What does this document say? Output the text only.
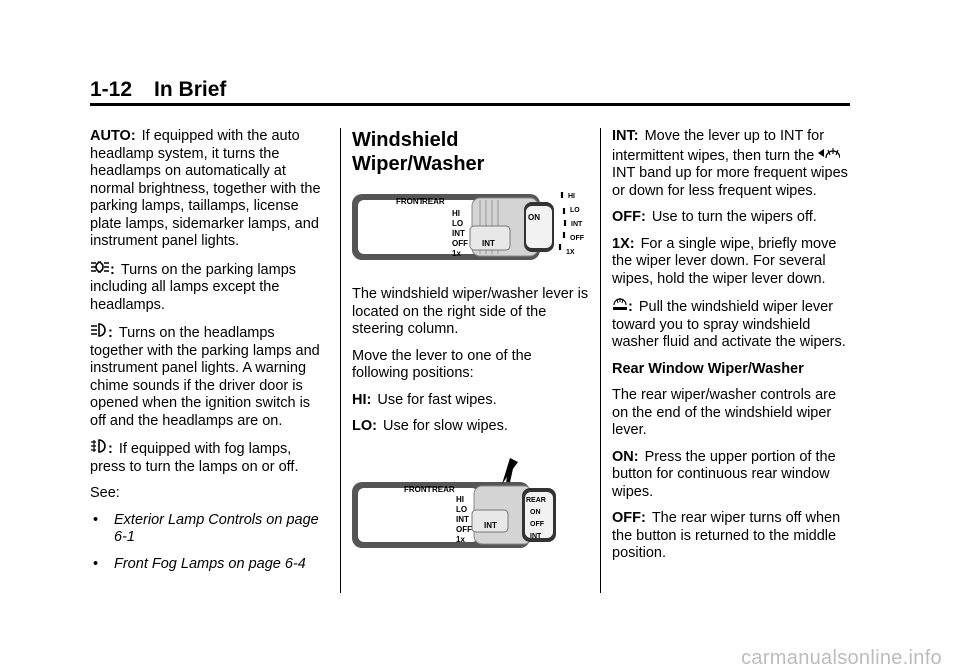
1-12 In Brief

AUTO: If equipped with the auto headlamp system, it turns the headlamps on automatically at normal brightness, together with the parking lamps, taillamps, license plate lamps, sidemarker lamps, and instrument panel lights.

: Turns on the parking lamps including all lamps except the headlamps.

: Turns on the headlamps together with the parking lamps and instrument panel lights. A warning chime sounds if the driver door is opened when the ignition switch is off and the headlamps are on.

: If equipped with fog lamps, press to turn the lamps on or off.

See:

• Exterior Lamp Controls on page 6-1

• Front Fog Lamps on page 6-4

Windshield Wiper/Washer
FRONT
REAR
HI
LO
INT
OFF
1x
ON
INT
HI
LO
INT
OFF
1X

The windshield wiper/washer lever is located on the right side of the steering column.

Move the lever to one of the following positions:

HI: Use for fast wipes.

LO: Use for slow wipes.

FRONT REAR
HI
LO
INT
OFF
1x
INT
REAR
ON
OFF
INT

INT: Move the lever up to INT for intermittent wipes, then turn the  INT band up for more frequent wipes or down for less frequent wipes.

OFF: Use to turn the wipers off.

1X: For a single wipe, briefly move the wiper lever down. For several wipes, hold the wiper lever down.

: Pull the windshield wiper lever toward you to spray windshield washer fluid and activate the wipers.

Rear Window Wiper/Washer

The rear wiper/washer controls are on the end of the windshield wiper lever.

ON: Press the upper portion of the button for continuous rear window wipes.

OFF: The rear wiper turns off when the button is returned to the middle position.

carmanualsonline.info
